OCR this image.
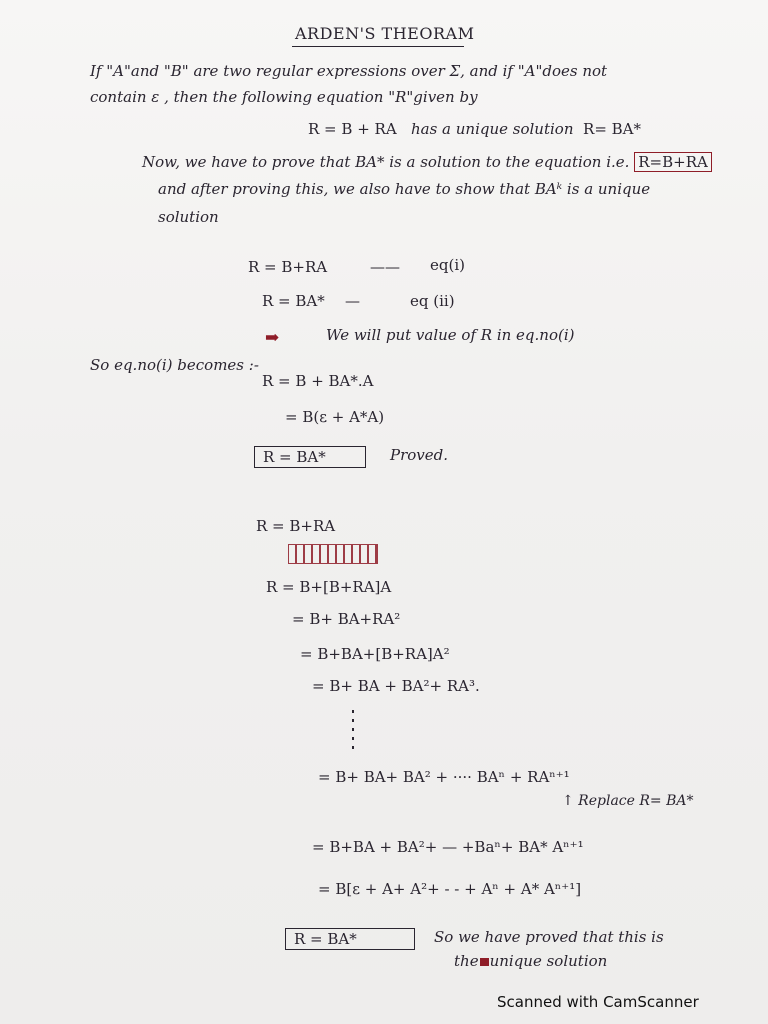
ARDEN'S THEORAM
If "A"and "B" are two regular expressions over Σ, and if "A"does not
contain ε , then the following equation "R"given by
R = B + RA has a unique solution R= BA*
Now, we have to prove that BA* is a solution to the equation i.e. R=B+RA
and after proving this, we also have to show that BAᵏ is a unique
solution
R = B+RA	—— eq(i)
R = BA* —	eq (ii)
➡	We will put value of R in eq.no(i)
So eq.no(i) becomes :-
R = B + BA*.A
= B(ε + A*A)
R = BA*	Proved.
R = B+RA
R = B+[B+RA]A
= B+ BA+RA²
= B+BA+[B+RA]A²
= B+ BA + BA²+ RA³.
= B+ BA+ BA² + ···· BAⁿ + RAⁿ⁺¹
↑ Replace R= BA*
= B+BA + BA²+ — +Baⁿ+ BA* Aⁿ⁺¹
= B[ε + A+ A²+ - - + Aⁿ + A* Aⁿ⁺¹]
R = BA*	So we have proved that this is
the unique solution
Scanned with CamScanner
